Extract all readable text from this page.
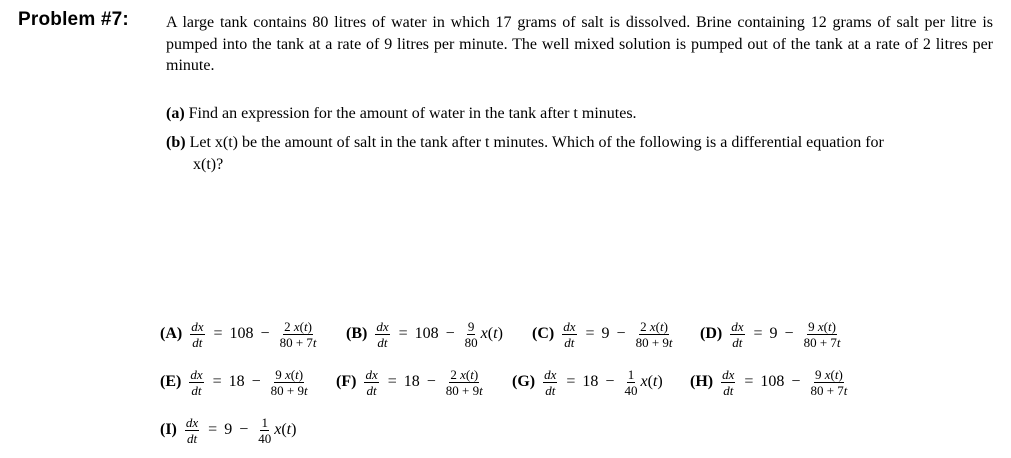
Problem #7: A large tank contains 80 litres of water in which 17 grams of salt is dissolved. Brine containing 12 grams of salt per litre is pumped into the tank at a rate of 9 litres per minute. The well mixed solution is pumped out of the tank at a rate of 2 litres per minute.
(a) Find an expression for the amount of water in the tank after t minutes.
(b) Let x(t) be the amount of salt in the tank after t minutes. Which of the following is a differential equation for
x(t)?
$(A) \frac{dx}{dt} = 108 - \frac{2 x(t)}{80 + 7t} (B) \frac{dx}{dt} = 108 - \frac{9}{80} x(t)$ $(C) \frac{dx}{dt} = 9 - \frac{2 x(t)}{80 + 9t} (D) \frac{dx}{dt} = 9 - \frac{9 x(t)}{80 + 7t}$
$(E) \frac{dx}{dt} = 18 - \frac{9 x(t)}{80 + 9t} (F) \frac{dx}{dt} = 18 - \frac{2 x(t)}{80 + 9t} (G) \frac{dx}{dt} = 18 - \frac{1}{40} x(t)$ $(H) \frac{dx}{dt} = 108 - \frac{9 x(t)}{80 + 7t}$
$(I) \frac{dx}{dt} = 9 - \frac{1}{40} x(t)$
